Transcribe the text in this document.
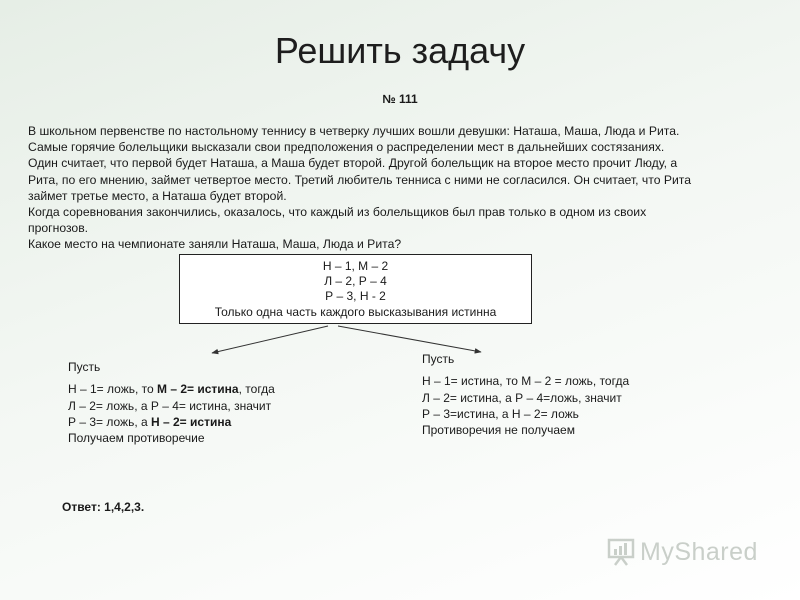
Решить задачу
№ 111
В школьном первенстве по настольному теннису в четверку лучших вошли девушки: Наташа, Маша, Люда и Рита.
Самые горячие болельщики высказали свои предположения о распределении мест в дальнейших состязаниях.
Один считает, что первой будет Наташа, а Маша будет второй. Другой болельщик на второе место прочит Люду, а
Рита, по его мнению, займет четвертое место. Третий любитель тенниса с ними не согласился. Он считает, что Рита
займет третье место, а Наташа будет второй.
Когда соревнования закончились, оказалось, что каждый из болельщиков был прав только в одном из своих
прогнозов.
Какое место на чемпионате заняли Наташа, Маша, Люда и Рита?
Н – 1, М – 2
Л – 2, Р – 4
Р – 3, Н - 2
Только одна часть каждого высказывания истинна
Пусть
Н – 1= ложь, то М – 2= истина, тогда
Л – 2= ложь, а Р – 4= истина, значит
Р – 3= ложь, а Н – 2= истина
Получаем противоречие
Пусть
Н – 1= истина, то М – 2 = ложь, тогда
Л – 2= истина, а Р – 4=ложь, значит
Р – 3=истина, а Н – 2= ложь
Противоречия не получаем
Ответ: 1,4,2,3.
MyShared
